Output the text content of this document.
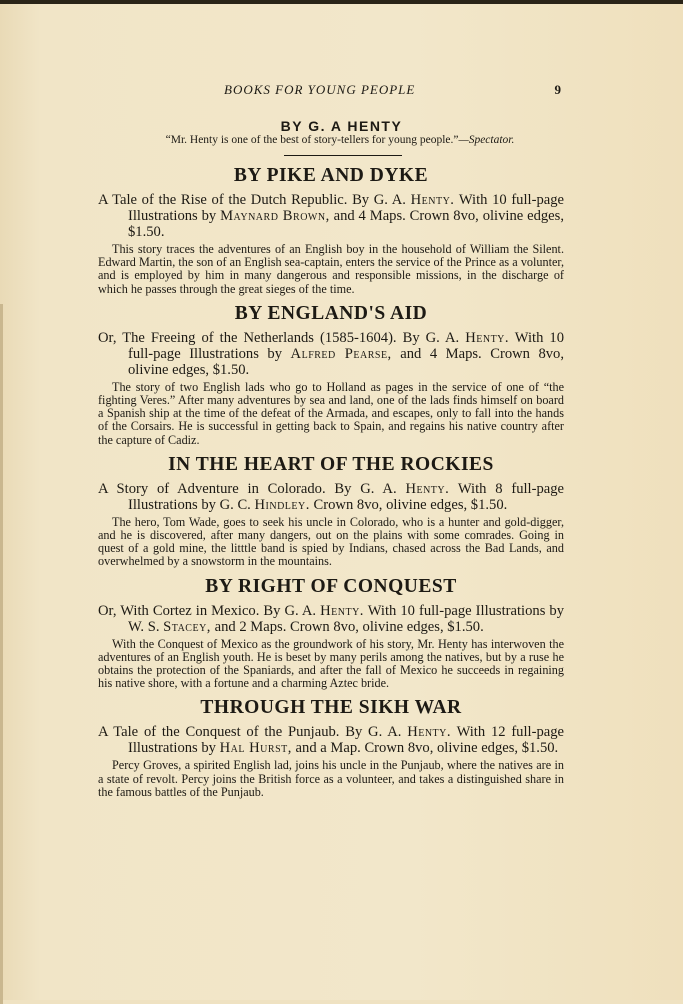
BOOKS FOR YOUNG PEOPLE	9
BY G. A HENTY
“Mr. Henty is one of the best of story-tellers for young people.”—Spectator.
BY PIKE AND DYKE

A Tale of the Rise of the Dutch Republic. By G. A. Henty. With 10 full-page Illustrations by Maynard Brown, and 4 Maps. Crown 8vo, olivine edges, $1.50.

This story traces the adventures of an English boy in the household of William the Silent. Edward Martin, the son of an English sea-captain, enters the service of the Prince as a volunter, and is employed by him in many dangerous and responsible missions, in the discharge of which he passes through the great sieges of the time.

BY ENGLAND'S AID

Or, The Freeing of the Netherlands (1585-1604). By G. A. Henty. With 10 full-page Illustrations by Alfred Pearse, and 4 Maps. Crown 8vo, olivine edges, $1.50.

The story of two English lads who go to Holland as pages in the service of one of “the fighting Veres.” After many adventures by sea and land, one of the lads finds himself on board a Spanish ship at the time of the defeat of the Armada, and escapes, only to fall into the hands of the Corsairs. He is successful in getting back to Spain, and regains his native country after the capture of Cadiz.

IN THE HEART OF THE ROCKIES

A Story of Adventure in Colorado. By G. A. Henty. With 8 full-page Illustrations by G. C. Hindley. Crown 8vo, olivine edges, $1.50.

The hero, Tom Wade, goes to seek his uncle in Colorado, who is a hunter and gold-digger, and he is discovered, after many dangers, out on the plains with some comrades. Going in quest of a gold mine, the litttle band is spied by Indians, chased across the Bad Lands, and overwhelmed by a snowstorm in the mountains.

BY RIGHT OF CONQUEST

Or, With Cortez in Mexico. By G. A. Henty. With 10 full-page Illustrations by W. S. Stacey, and 2 Maps. Crown 8vo, olivine edges, $1.50.

With the Conquest of Mexico as the groundwork of his story, Mr. Henty has interwoven the adventures of an English youth. He is beset by many perils among the natives, but by a ruse he obtains the protection of the Spaniards, and after the fall of Mexico he succeeds in regaining his native shore, with a fortune and a charming Aztec bride.

THROUGH THE SIKH WAR

A Tale of the Conquest of the Punjaub. By G. A. Henty. With 12 full-page Illustrations by Hal Hurst, and a Map. Crown 8vo, olivine edges, $1.50.

Percy Groves, a spirited English lad, joins his uncle in the Punjaub, where the natives are in a state of revolt. Percy joins the British force as a volunteer, and takes a distinguished share in the famous battles of the Punjaub.
